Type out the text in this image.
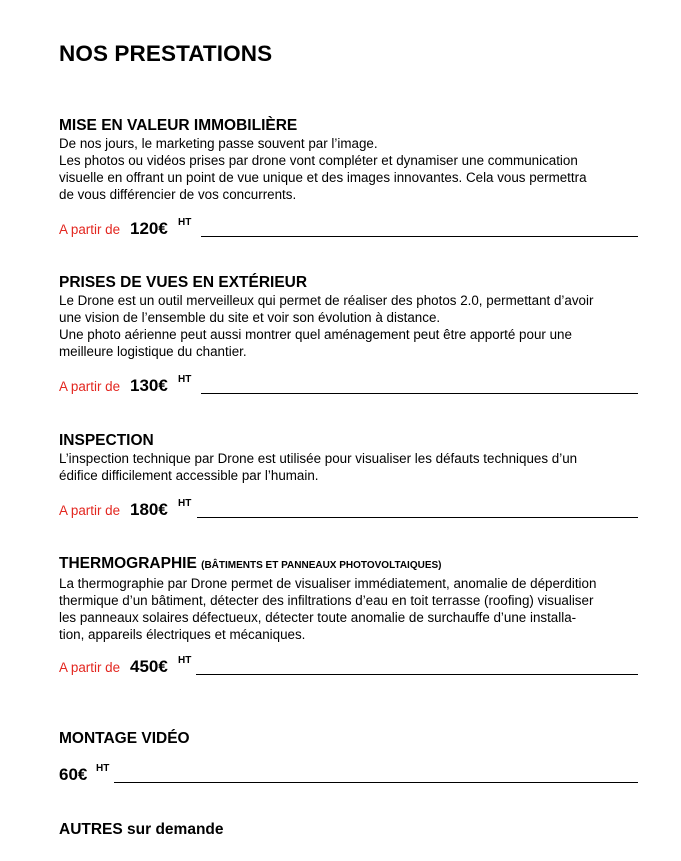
NOS PRESTATIONS
MISE EN VALEUR IMMOBILIÈRE

De nos jours, le marketing passe souvent par l’image.
Les photos ou vidéos prises par drone vont compléter et dynamiser une communication
visuelle en offrant un point de vue unique et des images innovantes. Cela vous permettra
de vous différencier de vos concurrents.

A partir de 120€ HT
PRISES DE VUES EN EXTÉRIEUR

Le Drone est un outil merveilleux qui permet de réaliser des photos 2.0, permettant d’avoir
une vision de l’ensemble du site et voir son évolution à distance.
Une photo aérienne peut aussi montrer quel aménagement peut être apporté pour une
meilleure logistique du chantier.

A partir de 130€ HT
INSPECTION

L’inspection technique par Drone est utilisée pour visualiser les défauts techniques d’un
édifice difficilement accessible par l’humain.

A partir de 180€ HT
THERMOGRAPHIE (BÂTIMENTS ET PANNEAUX PHOTOVOLTAIQUES)

La thermographie par Drone permet de visualiser immédiatement, anomalie de déperdition
thermique d’un bâtiment, détecter des infiltrations d’eau en toit terrasse (roofing) visualiser
les panneaux solaires défectueux, détecter toute anomalie de surchauffe d’une installa-
tion, appareils électriques et mécaniques.

A partir de 450€ HT
MONTAGE VIDÉO
60€ HT
AUTRES sur demande
